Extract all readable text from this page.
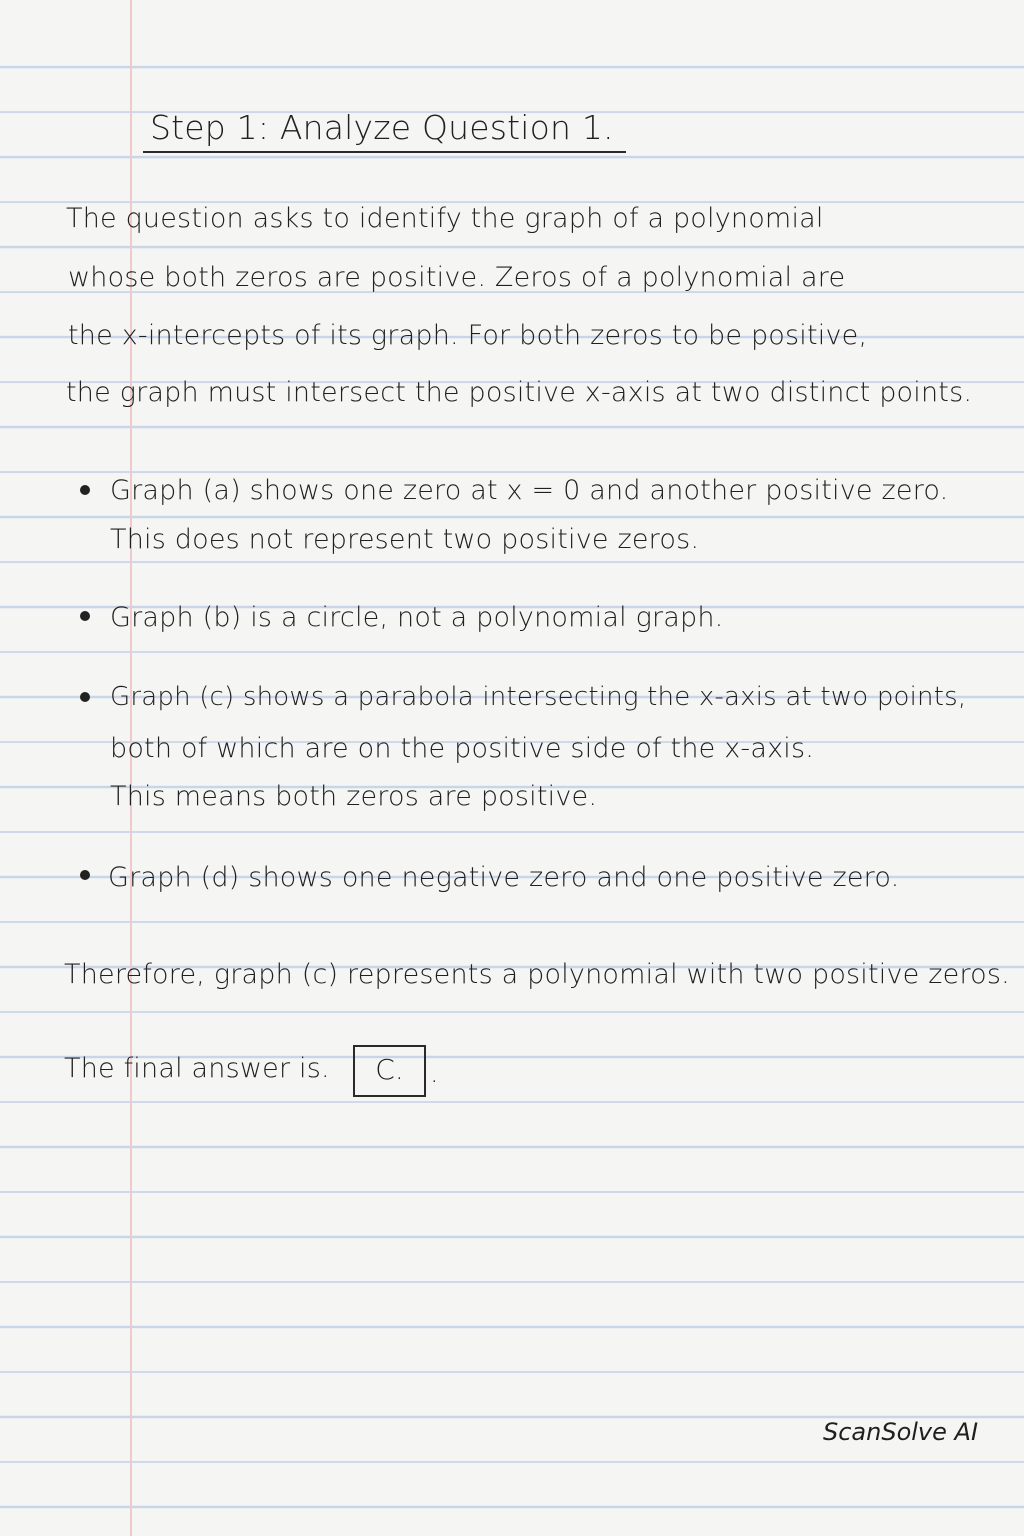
Step 1: Analyze Question 1.
The question asks to identify the graph of a polynomial
whose both zeros are positive. Zeros of a polynomial are
the x-intercepts of its graph. For both zeros to be positive,
the graph must intersect the positive x-axis at two distinct points.
Graph (a) shows one zero at x = 0 and another positive zero.
This does not represent two positive zeros.
Graph (b) is a circle, not a polynomial graph.
Graph (c) shows a parabola intersecting the x-axis at two points,
both of which are on the positive side of the x-axis.
This means both zeros are positive.
Graph (d) shows one negative zero and one positive zero.
Therefore, graph (c) represents a polynomial with two positive zeros.
The final answer is.	C. .
ScanSolve AI
